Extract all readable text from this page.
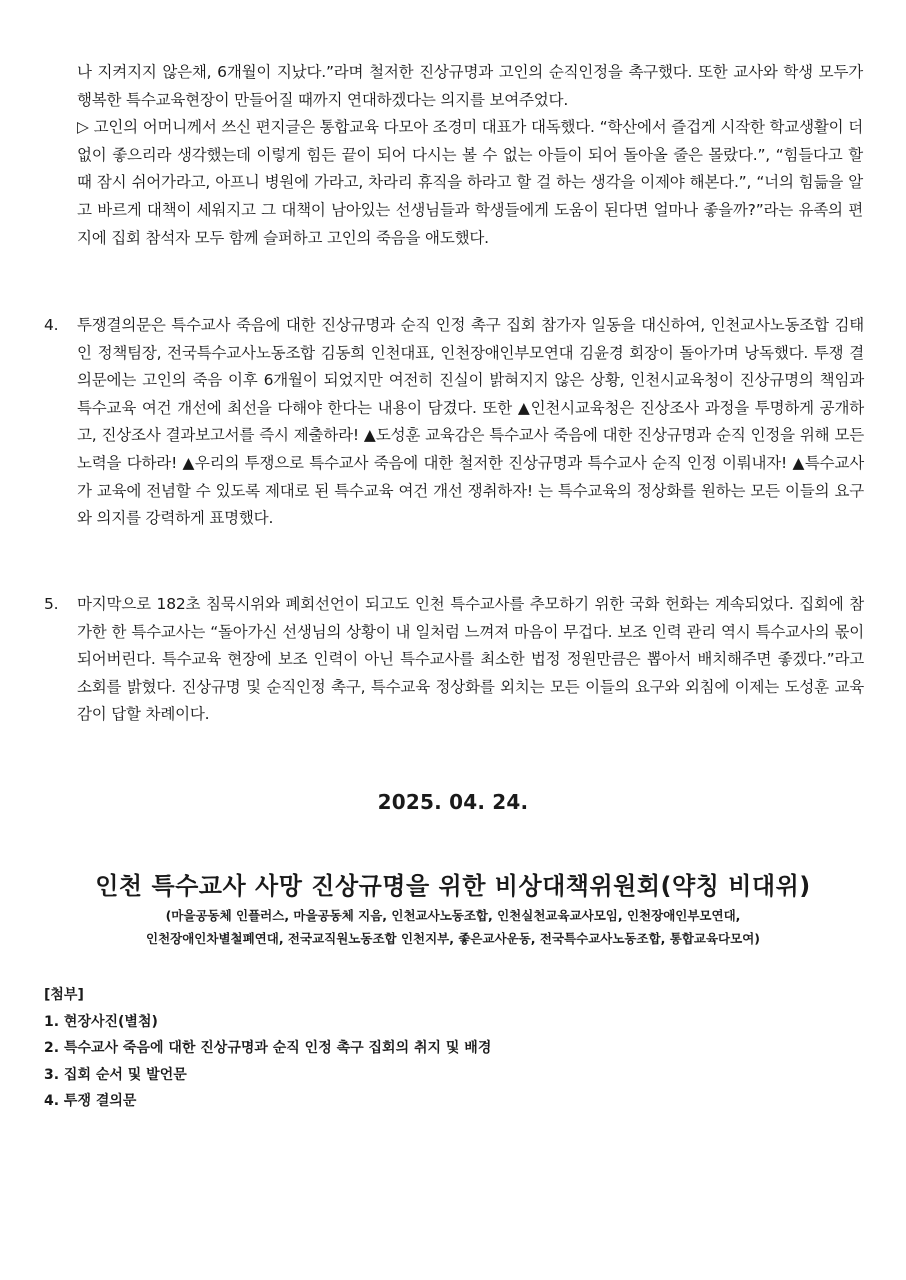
나 지켜지지 않은채, 6개월이 지났다.”라며 철저한 진상규명과 고인의 순직인정을 촉구했다. 또한 교사와 학생 모두가 행복한 특수교육현장이 만들어질 때까지 연대하겠다는 의지를 보여주었다.

▷ 고인의 어머니께서 쓰신 편지글은 통합교육 다모아 조경미 대표가 대독했다. “학산에서 즐겁게 시작한 학교생활이 더없이 좋으리라 생각했는데 이렇게 힘든 끝이 되어 다시는 볼 수 없는 아들이 되어 돌아올 줄은 몰랐다.”, “힘들다고 할 때 잠시 쉬어가라고, 아프니 병원에 가라고, 차라리 휴직을 하라고 할 걸 하는 생각을 이제야 해본다.”, “너의 힘듦을 알고 바르게 대책이 세워지고 그 대책이 남아있는 선생님들과 학생들에게 도움이 된다면 얼마나 좋을까?”라는 유족의 편지에 집회 참석자 모두 함께 슬퍼하고 고인의 죽음을 애도했다.

4. 투쟁결의문은 특수교사 죽음에 대한 진상규명과 순직 인정 촉구 집회 참가자 일동을 대신하여, 인천교사노동조합 김태인 정책팀장, 전국특수교사노동조합 김동희 인천대표, 인천장애인부모연대 김윤경 회장이 돌아가며 낭독했다. 투쟁 결의문에는 고인의 죽음 이후 6개월이 되었지만 여전히 진실이 밝혀지지 않은 상황, 인천시교육청이 진상규명의 책임과 특수교육 여건 개선에 최선을 다해야 한다는 내용이 담겼다. 또한 ▲인천시교육청은 진상조사 과정을 투명하게 공개하고, 진상조사 결과보고서를 즉시 제출하라! ▲도성훈 교육감은 특수교사 죽음에 대한 진상규명과 순직 인정을 위해 모든 노력을 다하라! ▲우리의 투쟁으로 특수교사 죽음에 대한 철저한 진상규명과 특수교사 순직 인정 이뤄내자! ▲특수교사가 교육에 전념할 수 있도록 제대로 된 특수교육 여건 개선 쟁취하자! 는 특수교육의 정상화를 원하는 모든 이들의 요구와 의지를 강력하게 표명했다.
5. 마지막으로 182초 침묵시위와 폐회선언이 되고도 인천 특수교사를 추모하기 위한 국화 헌화는 계속되었다. 집회에 참가한 한 특수교사는 “돌아가신 선생님의 상황이 내 일처럼 느껴져 마음이 무겁다. 보조 인력 관리 역시 특수교사의 몫이 되어버린다. 특수교육 현장에 보조 인력이 아닌 특수교사를 최소한 법정 정원만큼은 뽑아서 배치해주면 좋겠다.”라고 소회를 밝혔다. 진상규명 및 순직인정 촉구, 특수교육 정상화를 외치는 모든 이들의 요구와 외침에 이제는 도성훈 교육감이 답할 차례이다.
2025. 04. 24.
인천 특수교사 사망 진상규명을 위한 비상대책위원회(약칭 비대위)
(마을공동체 인플러스, 마을공동체 지음, 인천교사노동조합, 인천실천교육교사모임, 인천장애인부모연대,
인천장애인차별철폐연대, 전국교직원노동조합 인천지부, 좋은교사운동, 전국특수교사노동조합, 통합교육다모여)
[첨부]
1. 현장사진(별첨)
2. 특수교사 죽음에 대한 진상규명과 순직 인정 촉구 집회의 취지 및 배경
3. 집회 순서 및 발언문
4. 투쟁 결의문
